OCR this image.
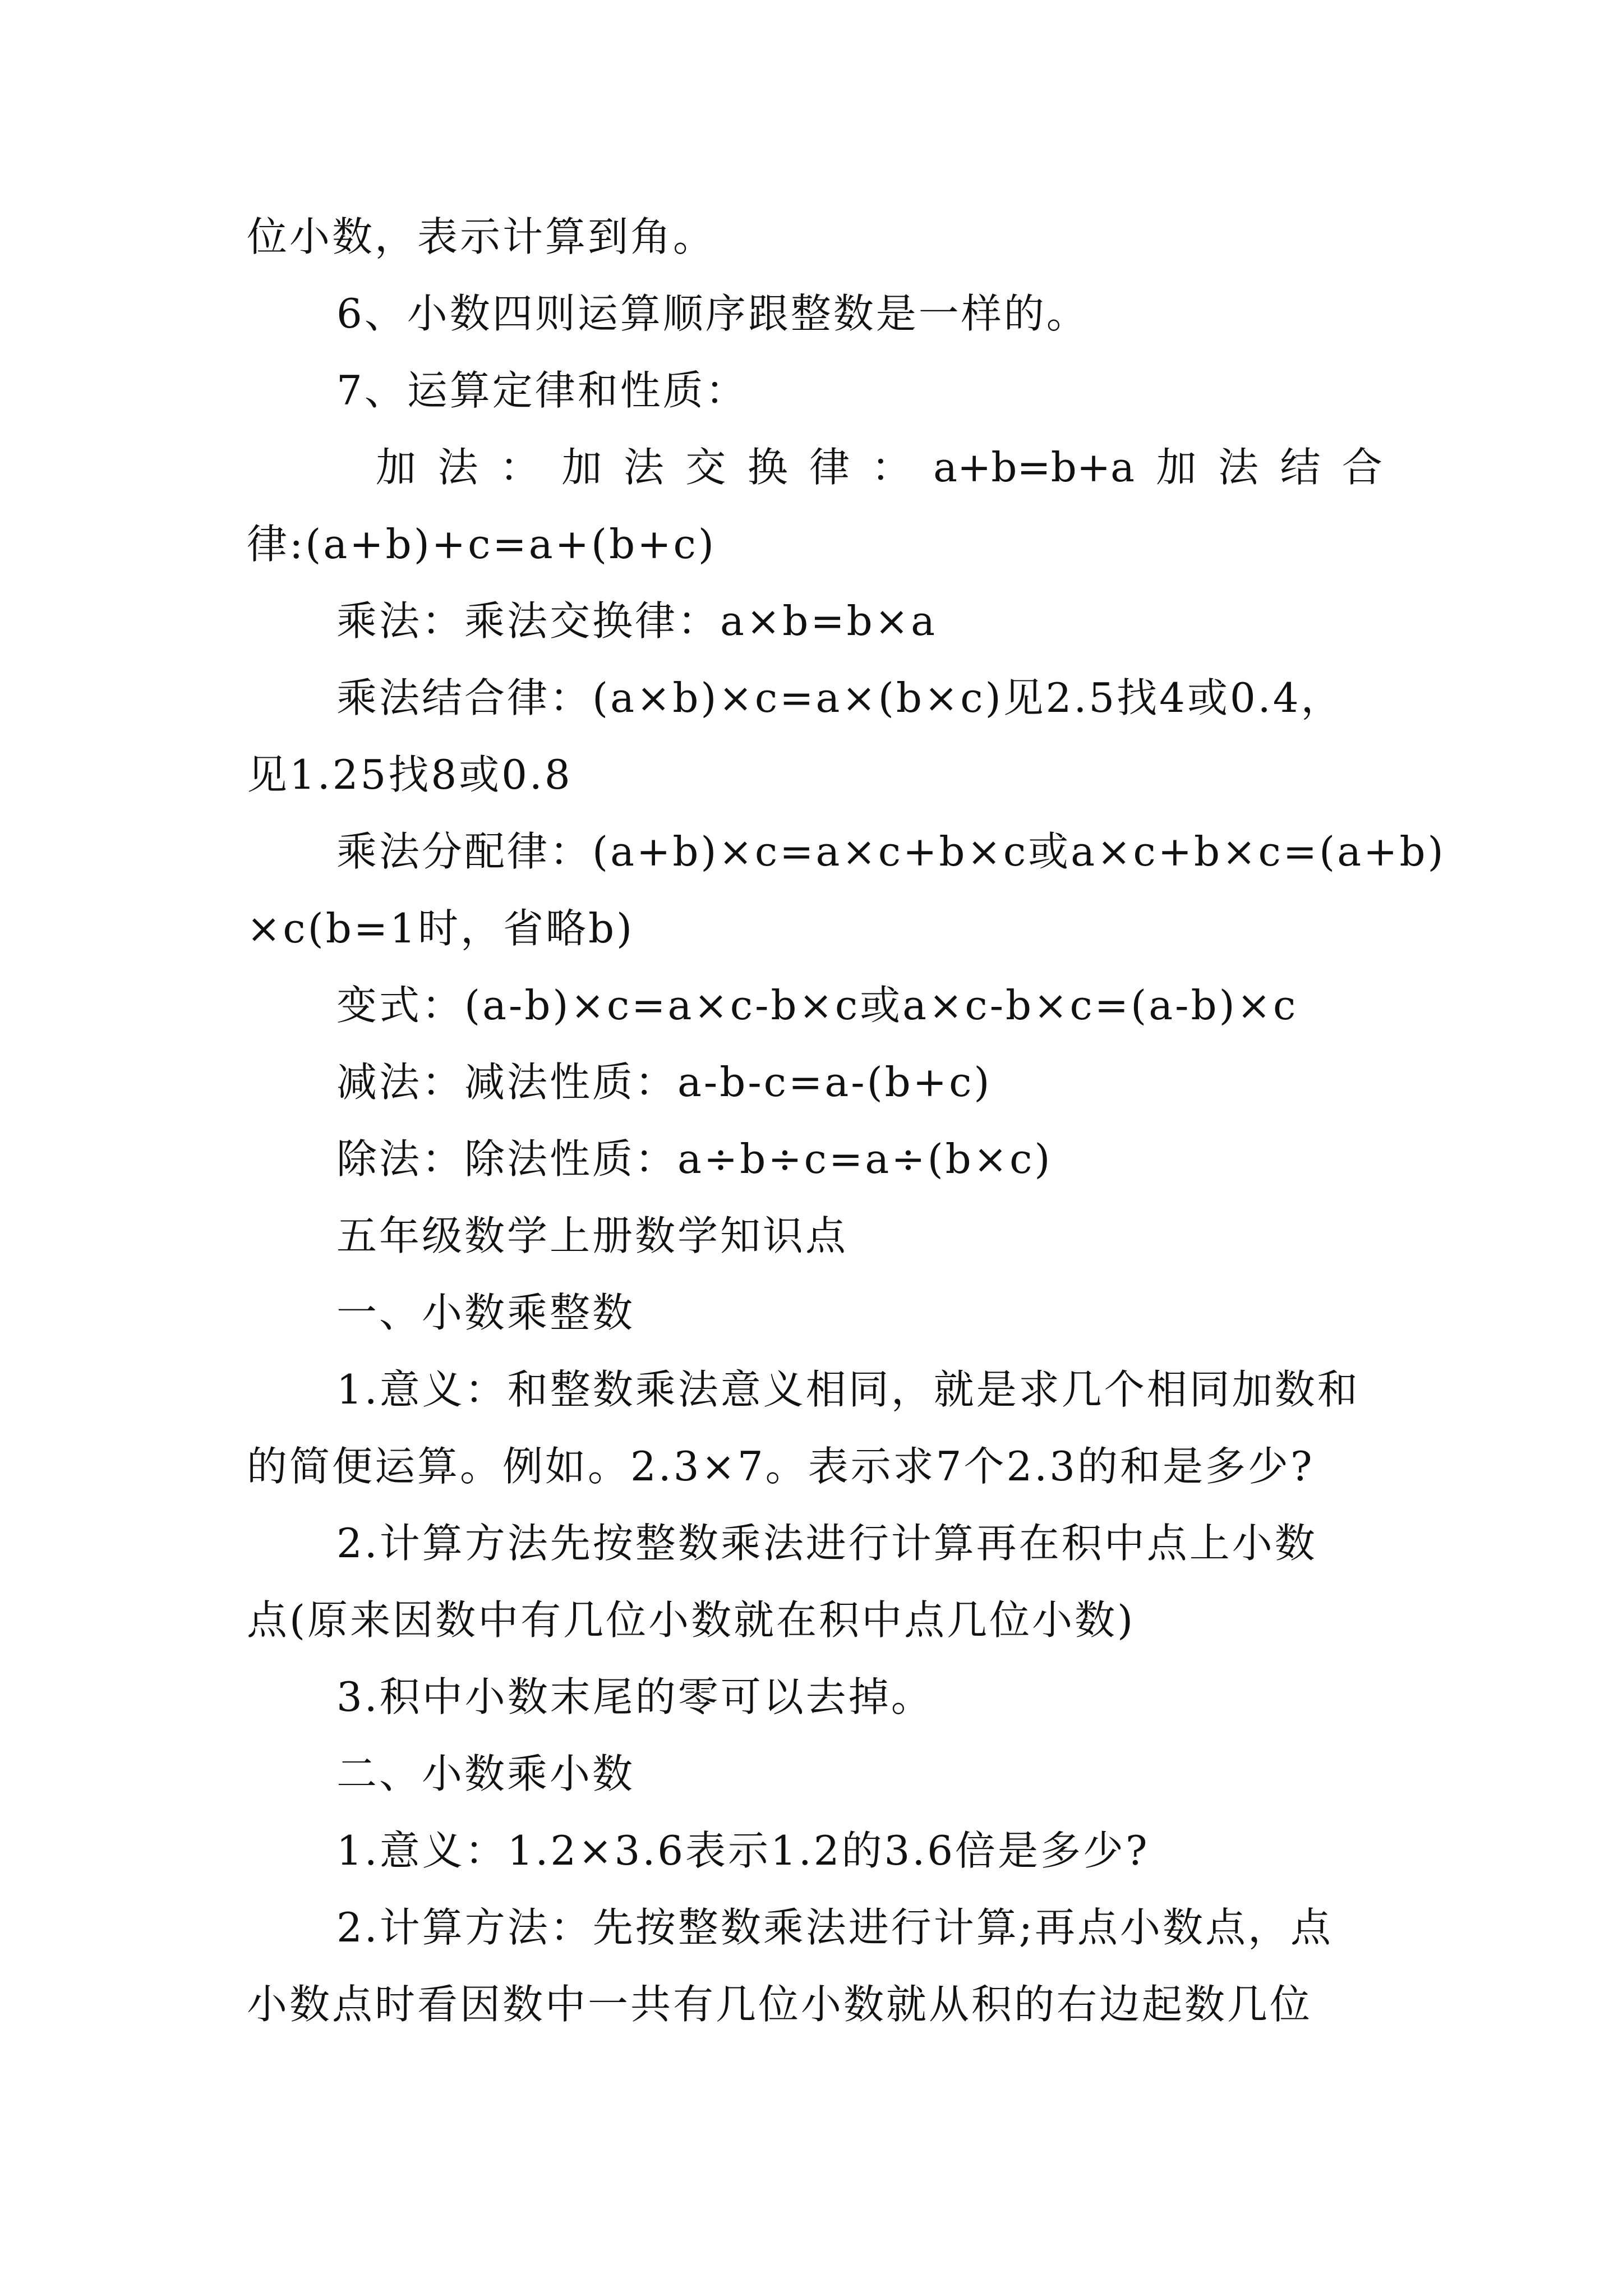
位小数，表示计算到角。
6、小数四则运算顺序跟整数是一样的。
7、运算定律和性质：
加 法 ： 加 法 交 换 律 ： a+b=b+a 加 法 结 合
律:(a+b)+c=a+(b+c)
乘法：乘法交换律：a×b=b×a
乘法结合律：(a×b)×c=a×(b×c)见2.5找4或0.4，
见1.25找8或0.8
乘法分配律：(a+b)×c=a×c+b×c或a×c+b×c=(a+b)
×c(b=1时，省略b)
变式：(a-b)×c=a×c-b×c或a×c-b×c=(a-b)×c
减法：减法性质：a-b-c=a-(b+c)
除法：除法性质：a÷b÷c=a÷(b×c)
五年级数学上册数学知识点
一、小数乘整数
1.意义：和整数乘法意义相同，就是求几个相同加数和
的简便运算。例如。2.3×7。表示求7个2.3的和是多少?
2.计算方法先按整数乘法进行计算再在积中点上小数
点(原来因数中有几位小数就在积中点几位小数)
3.积中小数末尾的零可以去掉。
二、小数乘小数
1.意义：1.2×3.6表示1.2的3.6倍是多少?
2.计算方法：先按整数乘法进行计算;再点小数点，点
小数点时看因数中一共有几位小数就从积的右边起数几位
